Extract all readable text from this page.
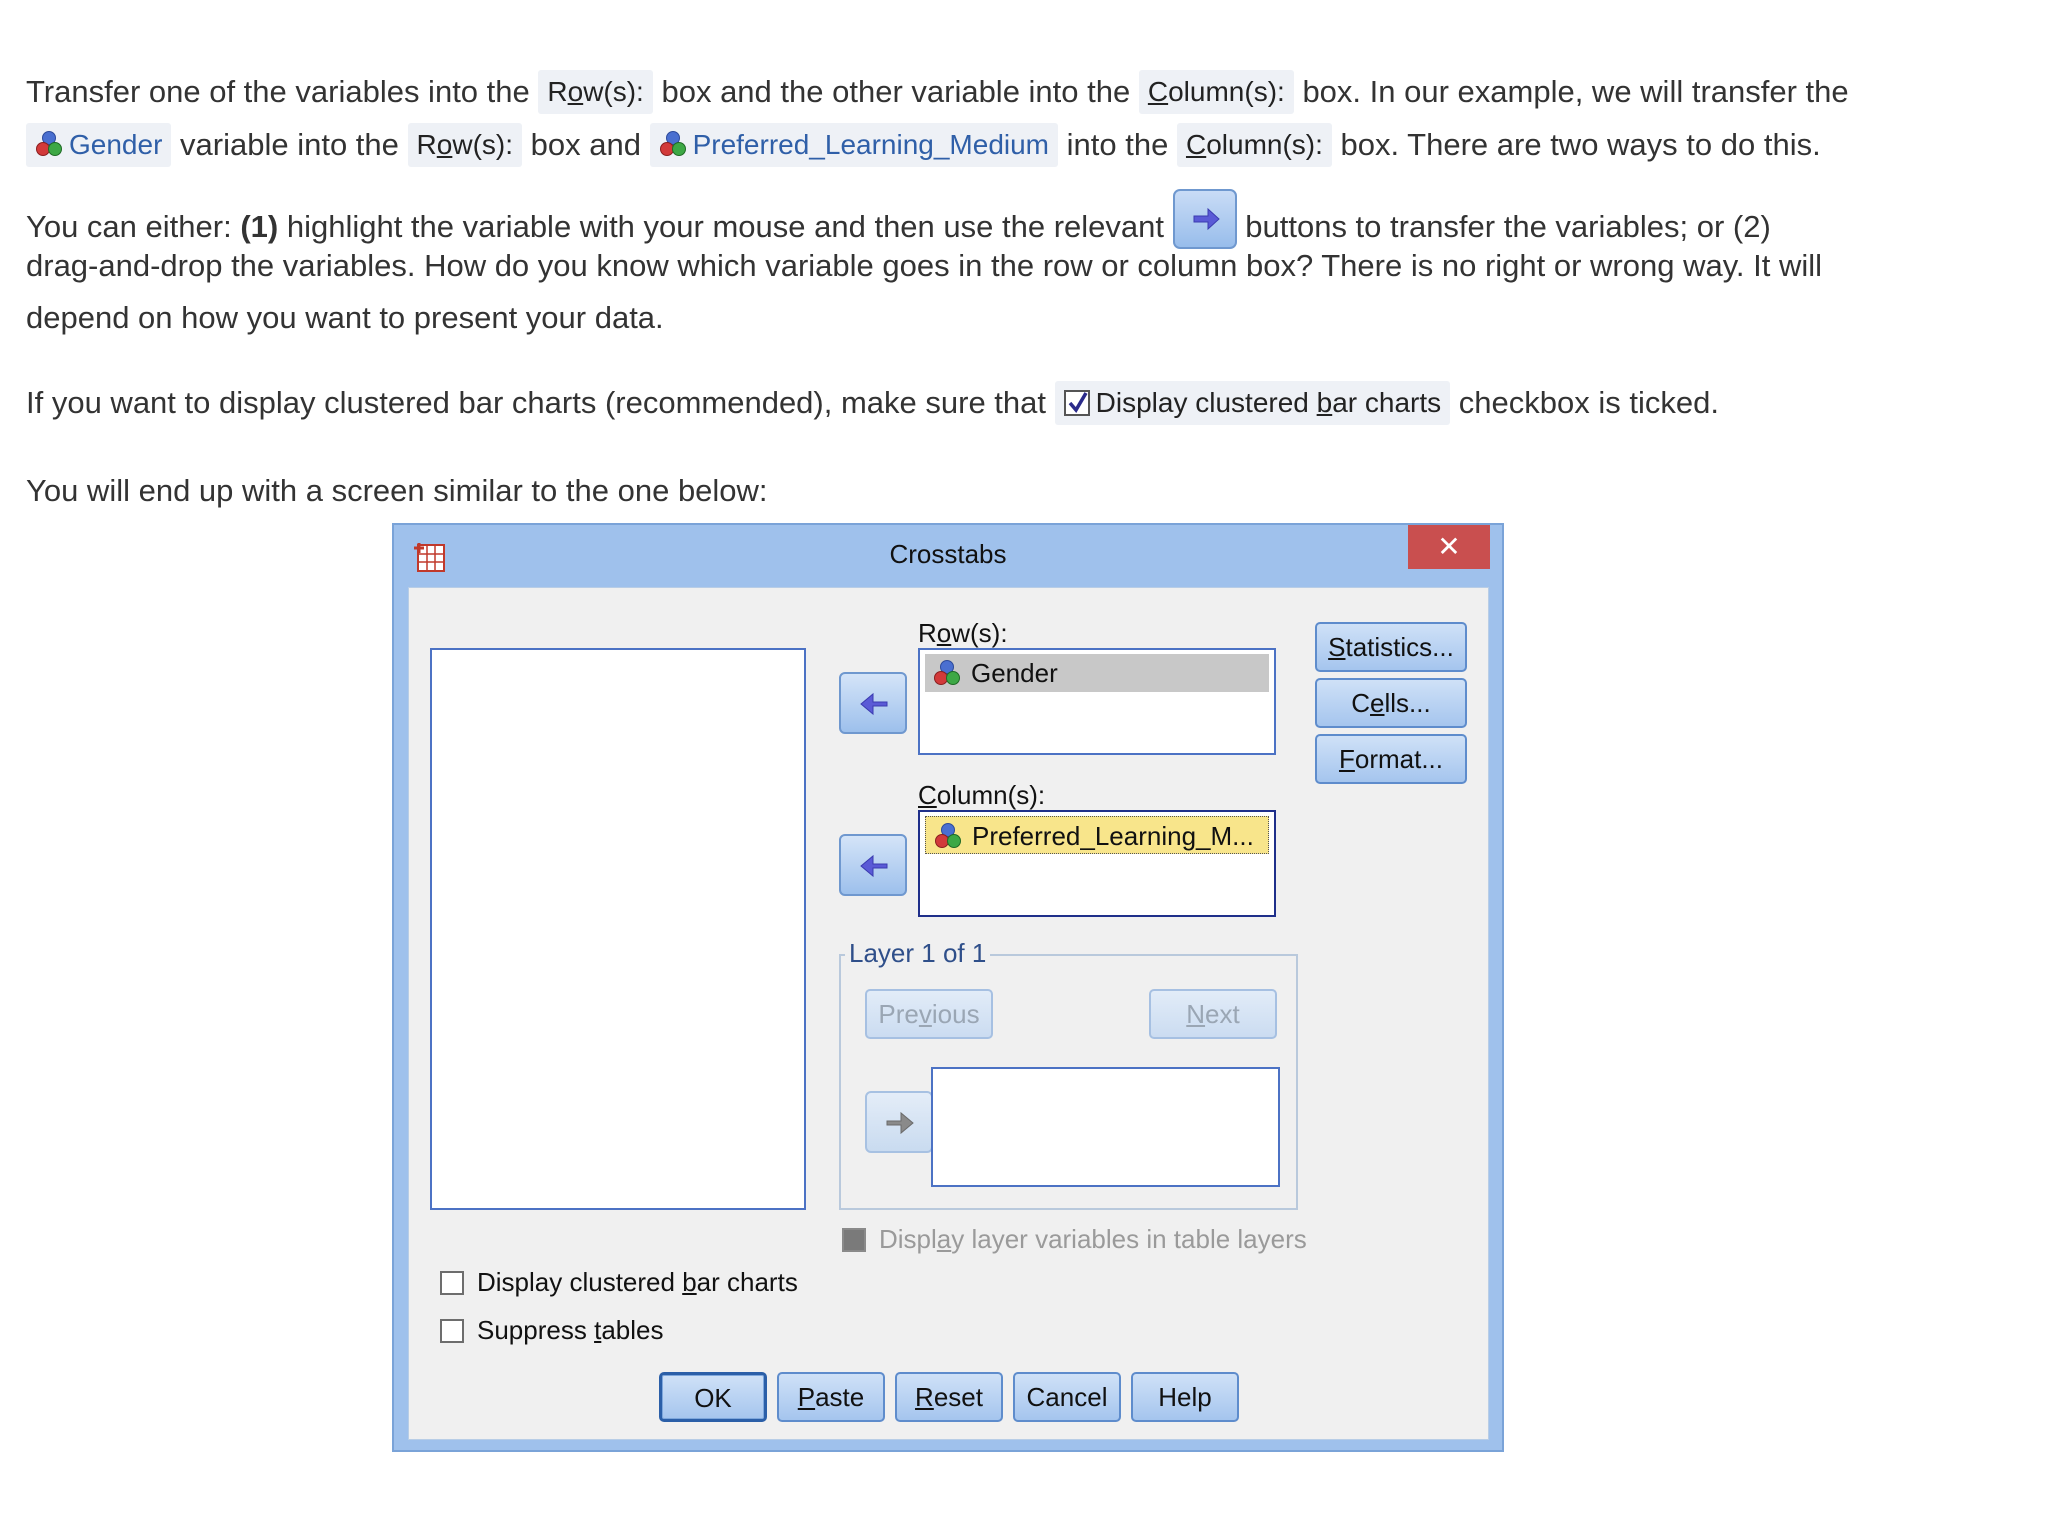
Transfer one of the variables into the Row(s): box and the other variable into the Column(s): box. In our example, we will transfer the

Gender variable into the Row(s): box and Preferred_Learning_Medium into the Column(s): box. There are two ways to do this.

You can either: (1) highlight the variable with your mouse and then use the relevant	buttons to transfer the variables; or (2)

drag-and-drop the variables. How do you know which variable goes in the row or column box? There is no right or wrong way. It will

depend on how you want to present your data.

If you want to display clustered bar charts (recommended), make sure that Display clustered bar charts checkbox is ticked.

You will end up with a screen similar to the one below:

Crosstabs	✕
Row(s):
Gender
Column(s):
Preferred_Learning_M...
Statistics...
Cells...
Format...
Layer 1 of 1
Previous	Next
Display layer variables in table layers
Display clustered bar charts
Suppress tables
OK	Paste	Reset	Cancel	Help
